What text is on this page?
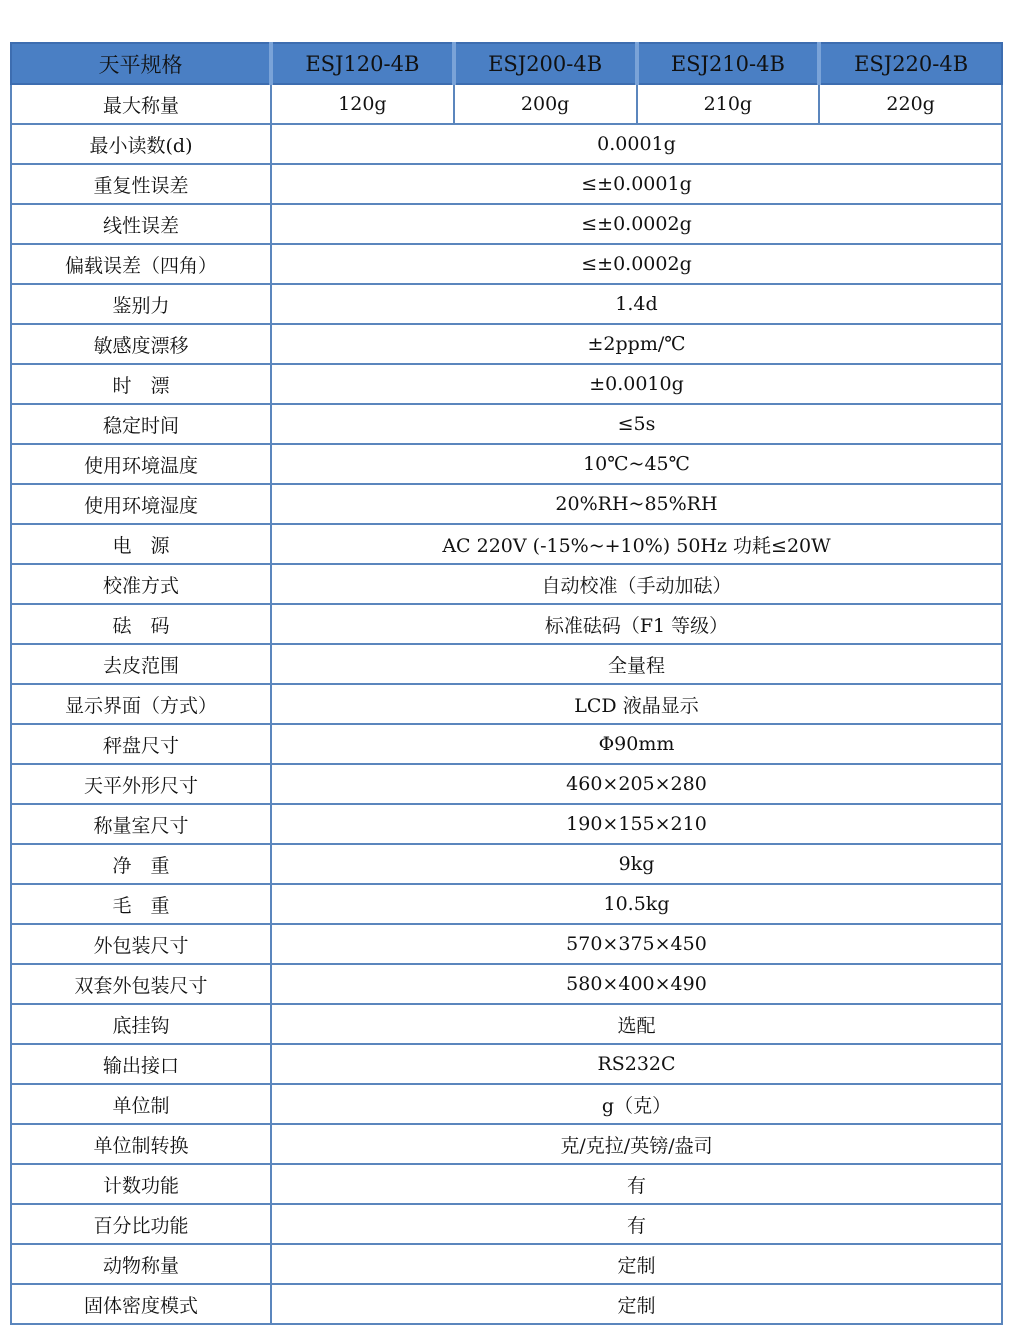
天平规格	ESJ120-4B	ESJ200-4B	ESJ210-4B	ESJ220-4B
最大称量	120g	200g	210g	220g
最小读数(d)	0.0001g			
重复性误差	≤±0.0001g			
线性误差	≤±0.0002g			
偏载误差（四角）	≤±0.0002g			
鉴别力	1.4d			
敏感度漂移	±2ppm/℃			
时　漂	±0.0010g			
稳定时间	≤5s			
使用环境温度	10℃~45℃			
使用环境湿度	20%RH~85%RH			
电　源	AC 220V (-15%~+10%) 50Hz 功耗≤20W			
校准方式	自动校准（手动加砝）			
砝　码	标准砝码（F1 等级）			
去皮范围	全量程			
显示界面（方式）	LCD 液晶显示			
秤盘尺寸	Φ90mm			
天平外形尺寸	460×205×280			
称量室尺寸	190×155×210			
净　重	9kg			
毛　重	10.5kg			
外包装尺寸	570×375×450			
双套外包装尺寸	580×400×490			
底挂钩	选配			
输出接口	RS232C			
单位制	g（克）			
单位制转换	克/克拉/英镑/盎司			
计数功能	有			
百分比功能	有			
动物称量	定制			
固体密度模式	定制			
